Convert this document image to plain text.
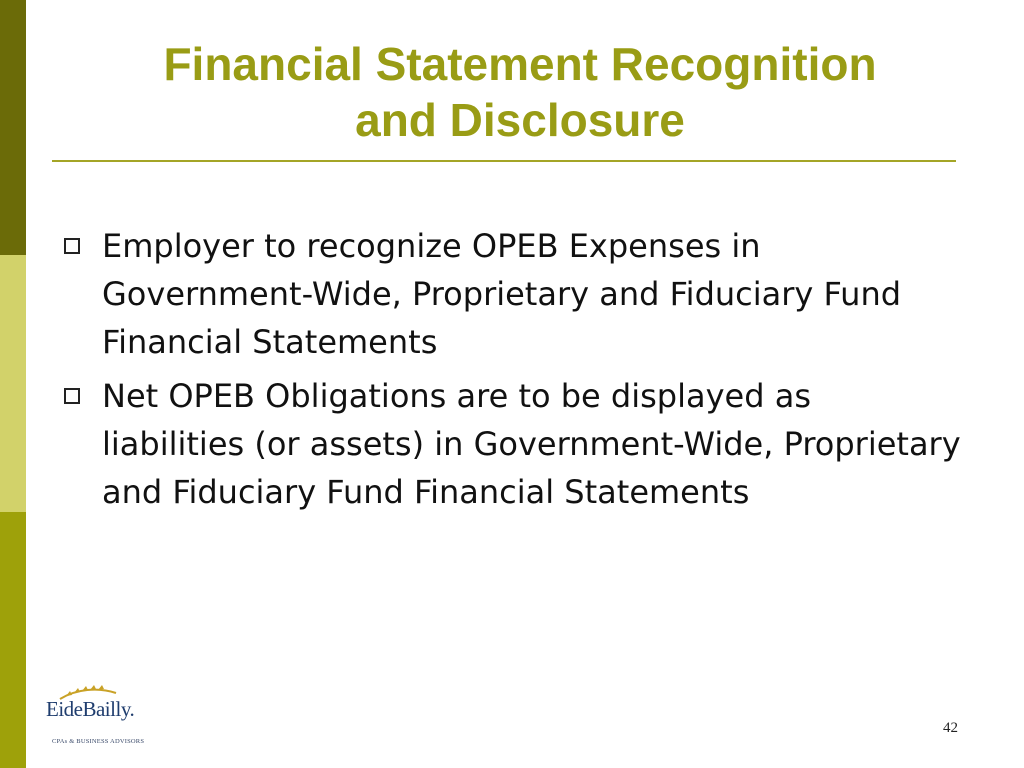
Financial Statement Recognition
and Disclosure
Employer to recognize OPEB Expenses in Government-Wide, Proprietary and Fiduciary Fund Financial Statements
Net OPEB Obligations are to be displayed as liabilities (or assets) in Government-Wide, Proprietary and Fiduciary Fund Financial Statements
EideBailly.
CPAs & BUSINESS ADVISORS
42
